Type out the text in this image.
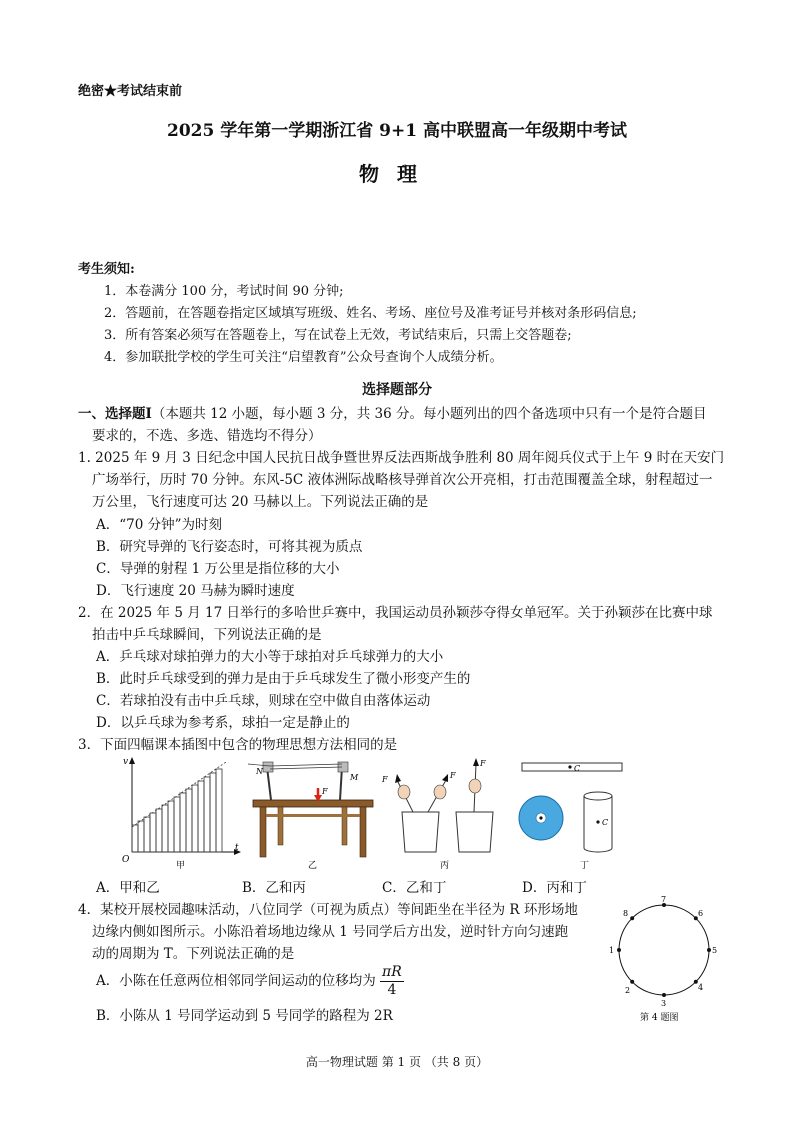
绝密★考试结束前
2025 学年第一学期浙江省 9+1 高中联盟高一年级期中考试
物理
考生须知:
1．本卷满分 100 分，考试时间 90 分钟;
2．答题前，在答题卷指定区域填写班级、姓名、考场、座位号及准考证号并核对条形码信息;
3．所有答案必须写在答题卷上，写在试卷上无效，考试结束后，只需上交答题卷;
4．参加联批学校的学生可关注“启望教育”公众号查询个人成绩分析。
选择题部分
一、选择题Ⅰ（本题共 12 小题，每小题 3 分，共 36 分。每小题列出的四个备选项中只有一个是符合题目
要求的，不选、多选、错选均不得分）
1. 2025 年 9 月 3 日纪念中国人民抗日战争暨世界反法西斯战争胜利 80 周年阅兵仪式于上午 9 时在天安门
广场举行，历时 70 分钟。东风-5C 液体洲际战略核导弹首次公开亮相，打击范围覆盖全球，射程超过一
万公里，飞行速度可达 20 马赫以上。下列说法正确的是
A．“70 分钟”为时刻
B．研究导弹的飞行姿态时，可将其视为质点
C．导弹的射程 1 万公里是指位移的大小
D．飞行速度 20 马赫为瞬时速度
2．在 2025 年 5 月 17 日举行的多哈世乒赛中，我国运动员孙颖莎夺得女单冠军。关于孙颖莎在比赛中球
拍击中乒乓球瞬间，下列说法正确的是
A．乒乓球对球拍弹力的大小等于球拍对乒乓球弹力的大小
B．此时乒乓球受到的弹力是由于乒乓球发生了微小形变产生的
C．若球拍没有击中乒乓球，则球在空中做自由落体运动
D．以乒乓球为参考系，球拍一定是静止的
3．下面四幅课本插图中包含的物理思想方法相同的是
v
t
O
甲
N
M
F
乙
F	F
F
丙
C
C
丁
A．甲和乙	B．乙和丙	C．乙和丁	D．丙和丁
4．某校开展校园趣味活动，八位同学（可视为质点）等间距坐在半径为 R 环形场地
边缘内侧如图所示。小陈沿着场地边缘从 1 号同学后方出发，逆时针方向匀速跑
动的周期为 T。下列说法正确的是
A．小陈在任意两位相邻同学间运动的位移均为 $\frac{\pi R}{4}$
B．小陈从 1 号同学运动到 5 号同学的路程为 2R
1
2
3
4
5
6
7
8
第 4 题图
高一物理试题 第 1 页 （共 8 页）
